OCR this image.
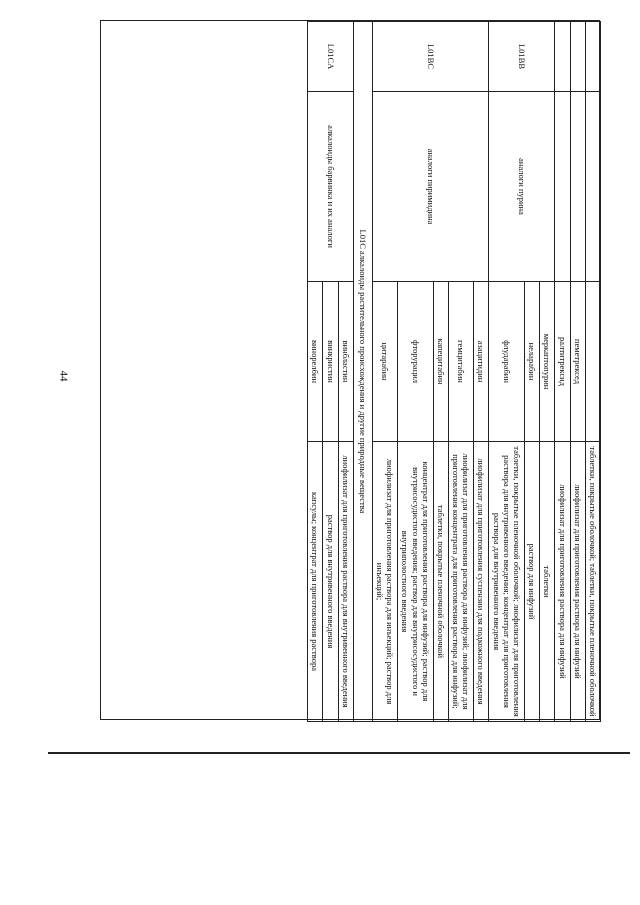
44
			таблетки, покрытые оболочкой; таблетки, покрытые пленочной оболочкой
		пеметрексед	лиофилизат для приготовления раствора для инфузий
		ралтитрексид	лиофилизат для приготовления раствора для инфузий
L01BB	аналоги пурина	меркаптопурин	таблетки
		неларабин	раствор для инфузий
		флударабин	таблетки, покрытые пленочной оболочкой; лиофилизат для приготовления раствора для внутривенного введения; концентрат для приготовления раствора для внутривенного введения
L01BC	аналоги пиримидина	азацитидин	лиофилизат для приготовления суспензии для подкожного введения
		гемцитабин	лиофилизат для приготовления раствора для инфузий; лиофилизат для приготовления концентрата для приготовления раствора для инфузий;
		капецитабин	таблетки, покрытые пленочной оболочкой
		фторурацил	концентрат для приготовления раствора для инфузий; раствор для внутрисосудистого введения; раствор для внутрисосудистого и внутриполостного введения
		цитарабин	лиофилизат для приготовления раствора для инъекций; раствор для инъекций;
L01C алкалоиды растительного происхождения и другие природные вещества			
L01CA	алкалоиды барвинка и их аналоги	винбластин	лиофилизат для приготовления раствора для внутривенного введения
		винкристин	раствор для внутривенного введения
		винорелбин	капсулы; концентрат для приготовления раствора
